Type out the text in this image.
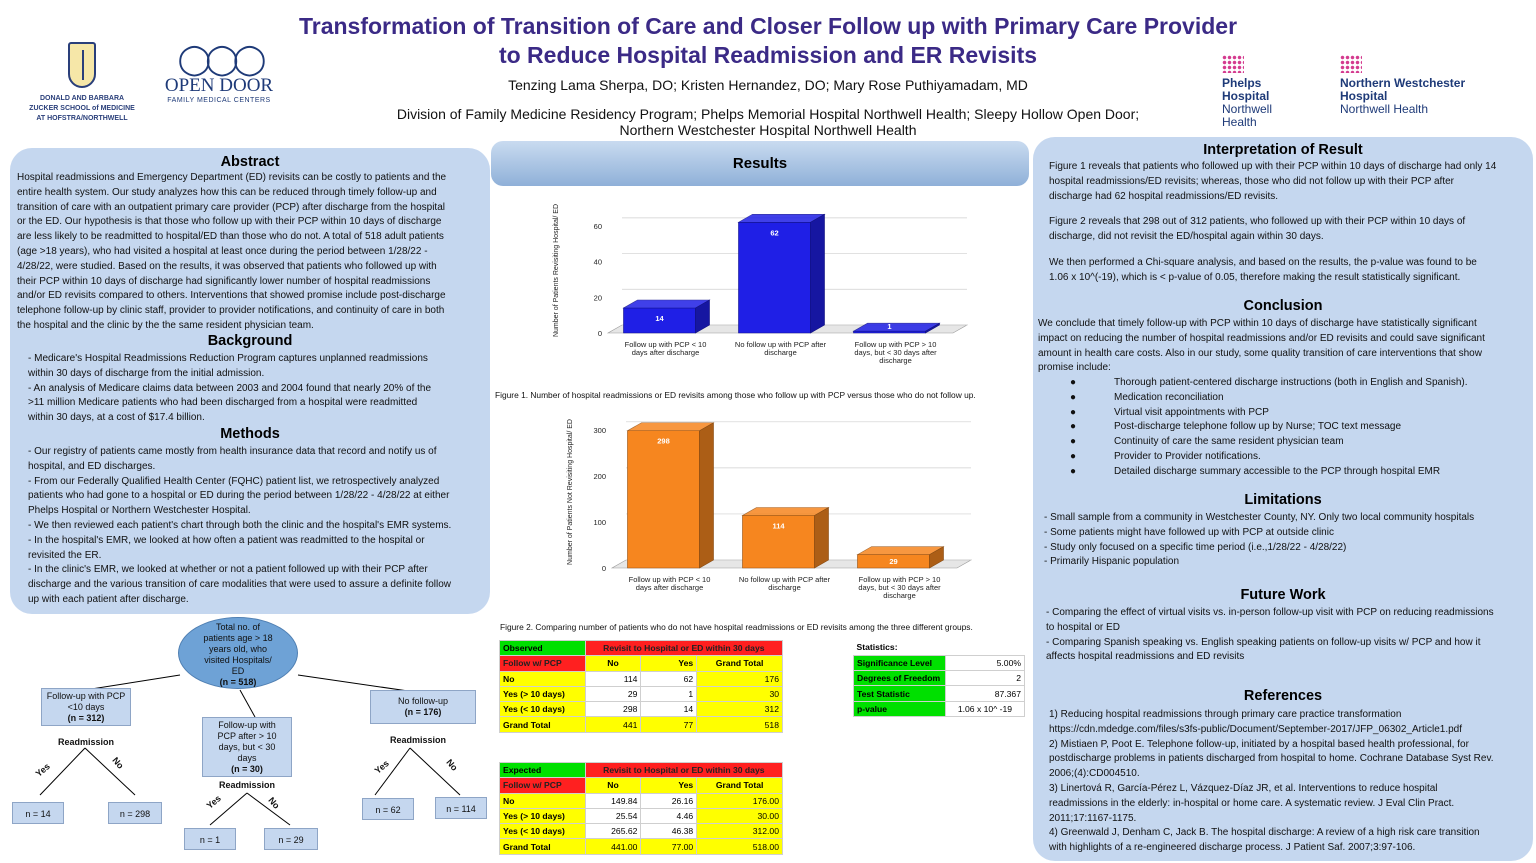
Transformation of Transition of Care and Closer Follow up with Primary Care Provider
to Reduce Hospital Readmission and ER Revisits
Tenzing Lama Sherpa, DO; Kristen Hernandez, DO; Mary Rose Puthiyamadam, MD
Division of Family Medicine Residency Program; Phelps Memorial Hospital Northwell Health; Sleepy Hollow Open Door;
Northern Westchester Hospital Northwell Health
DONALD AND BARBARA
ZUCKER SCHOOL of MEDICINE
AT HOFSTRA/NORTHWELL
◯◯◯
OPEN DOOR
FAMILY MEDICAL CENTERS
Phelps
Hospital
Northwell
Health
Northern Westchester
Hospital
Northwell Health
Abstract

Hospital readmissions and Emergency Department (ED) revisits can be costly to patients and the

entire health system. Our study analyzes how this can be reduced through timely follow-up and

transition of care with an outpatient primary care provider (PCP) after discharge from the hospital

or the ED. Our hypothesis is that those who follow up with their PCP within 10 days of discharge

are less likely to be readmitted to hospital/ED than those who do not. A total of 518 adult patients

(age >18 years), who had visited a hospital at least once during the period between 1/28/22 -

4/28/22, were studied. Based on the results, it was observed that patients who followed up with

their PCP within 10 days of discharge had significantly lower number of hospital readmissions

and/or ED revisits compared to others. Interventions that showed promise include post-discharge

telephone follow-up by clinic staff, provider to provider notifications, and continuity of care in both

the hospital and the clinic by the the same resident physician team.

Background

- Medicare's Hospital Readmissions Reduction Program captures unplanned readmissions

within 30 days of discharge from the initial admission.

- An analysis of Medicare claims data between 2003 and 2004 found that nearly 20% of the

>11 million Medicare patients who had been discharged from a hospital were readmitted

within 30 days, at a cost of $17.4 billion.

Methods

- Our registry of patients came mostly from health insurance data that record and notify us of

hospital, and ED discharges.

- From our Federally Qualified Health Center (FQHC) patient list, we retrospectively analyzed

patients who had gone to a hospital or ED during the period between 1/28/22 - 4/28/22 at either

Phelps Hospital or Northern Westchester Hospital.

- We then reviewed each patient's chart through both the clinic and the hospital's EMR systems.

- In the hospital's EMR, we looked at how often a patient was readmitted to the hospital or

revisited the ER.

- In the clinic's EMR, we looked at whether or not a patient followed up with their PCP after

discharge and the various transition of care modalities that were used to assure a definite follow

up with each patient after discharge.

Total no. of
patients age > 18
years old, who
visited Hospitals/
ED
(n = 518)
Follow-up with PCP
<10 days
(n = 312)
Follow-up with
PCP after > 10
days, but < 30
days
(n = 30)
No follow-up
(n = 176)
Readmission
Readmission
Readmission
Yes	No
Yes	No
Yes	No
n = 14	n = 298
n = 1	n = 29
n = 62	n = 114
Results
0
20
40
60
Number of Patients Revisiting Hospital/ ED	14
Follow up with PCP < 10
days after discharge
62
No follow up with PCP after
discharge
1
Follow up with PCP > 10
days, but < 30 days after
discharge
Figure 1. Number of hospital readmissions or ED revisits among those who follow up with PCP versus those who do not follow up.
0
100
200
300
Number of Patients Not Revisiting Hospital/ ED	298
Follow up with PCP < 10
days after discharge
114
No follow up with PCP after
discharge
29
Follow up with PCP > 10
days, but < 30 days after
discharge
Figure 2. Comparing number of patients who do not have hospital readmissions or ED revisits among the three different groups.
Observed	Revisit to Hospital or ED within 30 days		
Follow w/ PCP	No	Yes	Grand Total
No	114	62	176
Yes (> 10 days)	29	1	30
Yes (< 10 days)	298	14	312
Grand Total	441	77	518
Statistics:	
Significance Level	5.00%
Degrees of Freedom	2
Test Statistic	87.367
p-value	1.06 x 10^ -19
Expected	Revisit to Hospital or ED within 30 days		
Follow w/ PCP	No	Yes	Grand Total
No	149.84	26.16	176.00
Yes (> 10 days)	25.54	4.46	30.00
Yes (< 10 days)	265.62	46.38	312.00
Grand Total	441.00	77.00	518.00
Interpretation of Result

Figure 1 reveals that patients who followed up with their PCP within 10 days of discharge had only 14

hospital readmissions/ED revisits; whereas, those who did not follow up with their PCP after

discharge had 62 hospital readmissions/ED revisits.

Figure 2 reveals that 298 out of 312 patients, who followed up with their PCP within 10 days of

discharge, did not revisit the ED/hospital again within 30 days.

We then performed a Chi-square analysis, and based on the results, the p-value was found to be

1.06 x 10^(-19), which is < p-value of 0.05, therefore making the result statistically significant.

Conclusion

We conclude that timely follow-up with PCP within 10 days of discharge have statistically significant

impact on reducing the number of hospital readmissions and/or ED revisits and could save significant

amount in health care costs. Also in our study, some quality transition of care interventions that show

promise include:

●	Thorough patient-centered discharge instructions (both in English and Spanish).

●	Medication reconciliation

●	Virtual visit appointments with PCP

●	Post-discharge telephone follow up by Nurse; TOC text message

●	Continuity of care the same resident physician team

●	Provider to Provider notifications.

●	Detailed discharge summary accessible to the PCP through hospital EMR

Limitations

- Small sample from a community in Westchester County, NY. Only two local community hospitals

- Some patients might have followed up with PCP at outside clinic

- Study only focused on a specific time period (i.e.,1/28/22 - 4/28/22)

- Primarily Hispanic population

Future Work

- Comparing the effect of virtual visits vs. in-person follow-up visit with PCP on reducing readmissions

to hospital or ED

- Comparing Spanish speaking vs. English speaking patients on follow-up visits w/ PCP and how it

affects hospital readmissions and ED revisits

References

1) Reducing hospital readmissions through primary care practice transformation

https://cdn.mdedge.com/files/s3fs-public/Document/September-2017/JFP_06302_Article1.pdf

2) Mistiaen P, Poot E. Telephone follow-up, initiated by a hospital based health professional, for

postdischarge problems in patients discharged from hospital to home. Cochrane Database Syst Rev.

2006;(4):CD004510.

3) Linertová R, García-Pérez L, Vázquez-Díaz JR, et al. Interventions to reduce hospital

readmissions in the elderly: in-hospital or home care. A systematic review. J Eval Clin Pract.

2011;17:1167-1175.

4) Greenwald J, Denham C, Jack B. The hospital discharge: A review of a high risk care transition

with highlights of a re-engineered discharge process. J Patient Saf. 2007;3:97-106.
